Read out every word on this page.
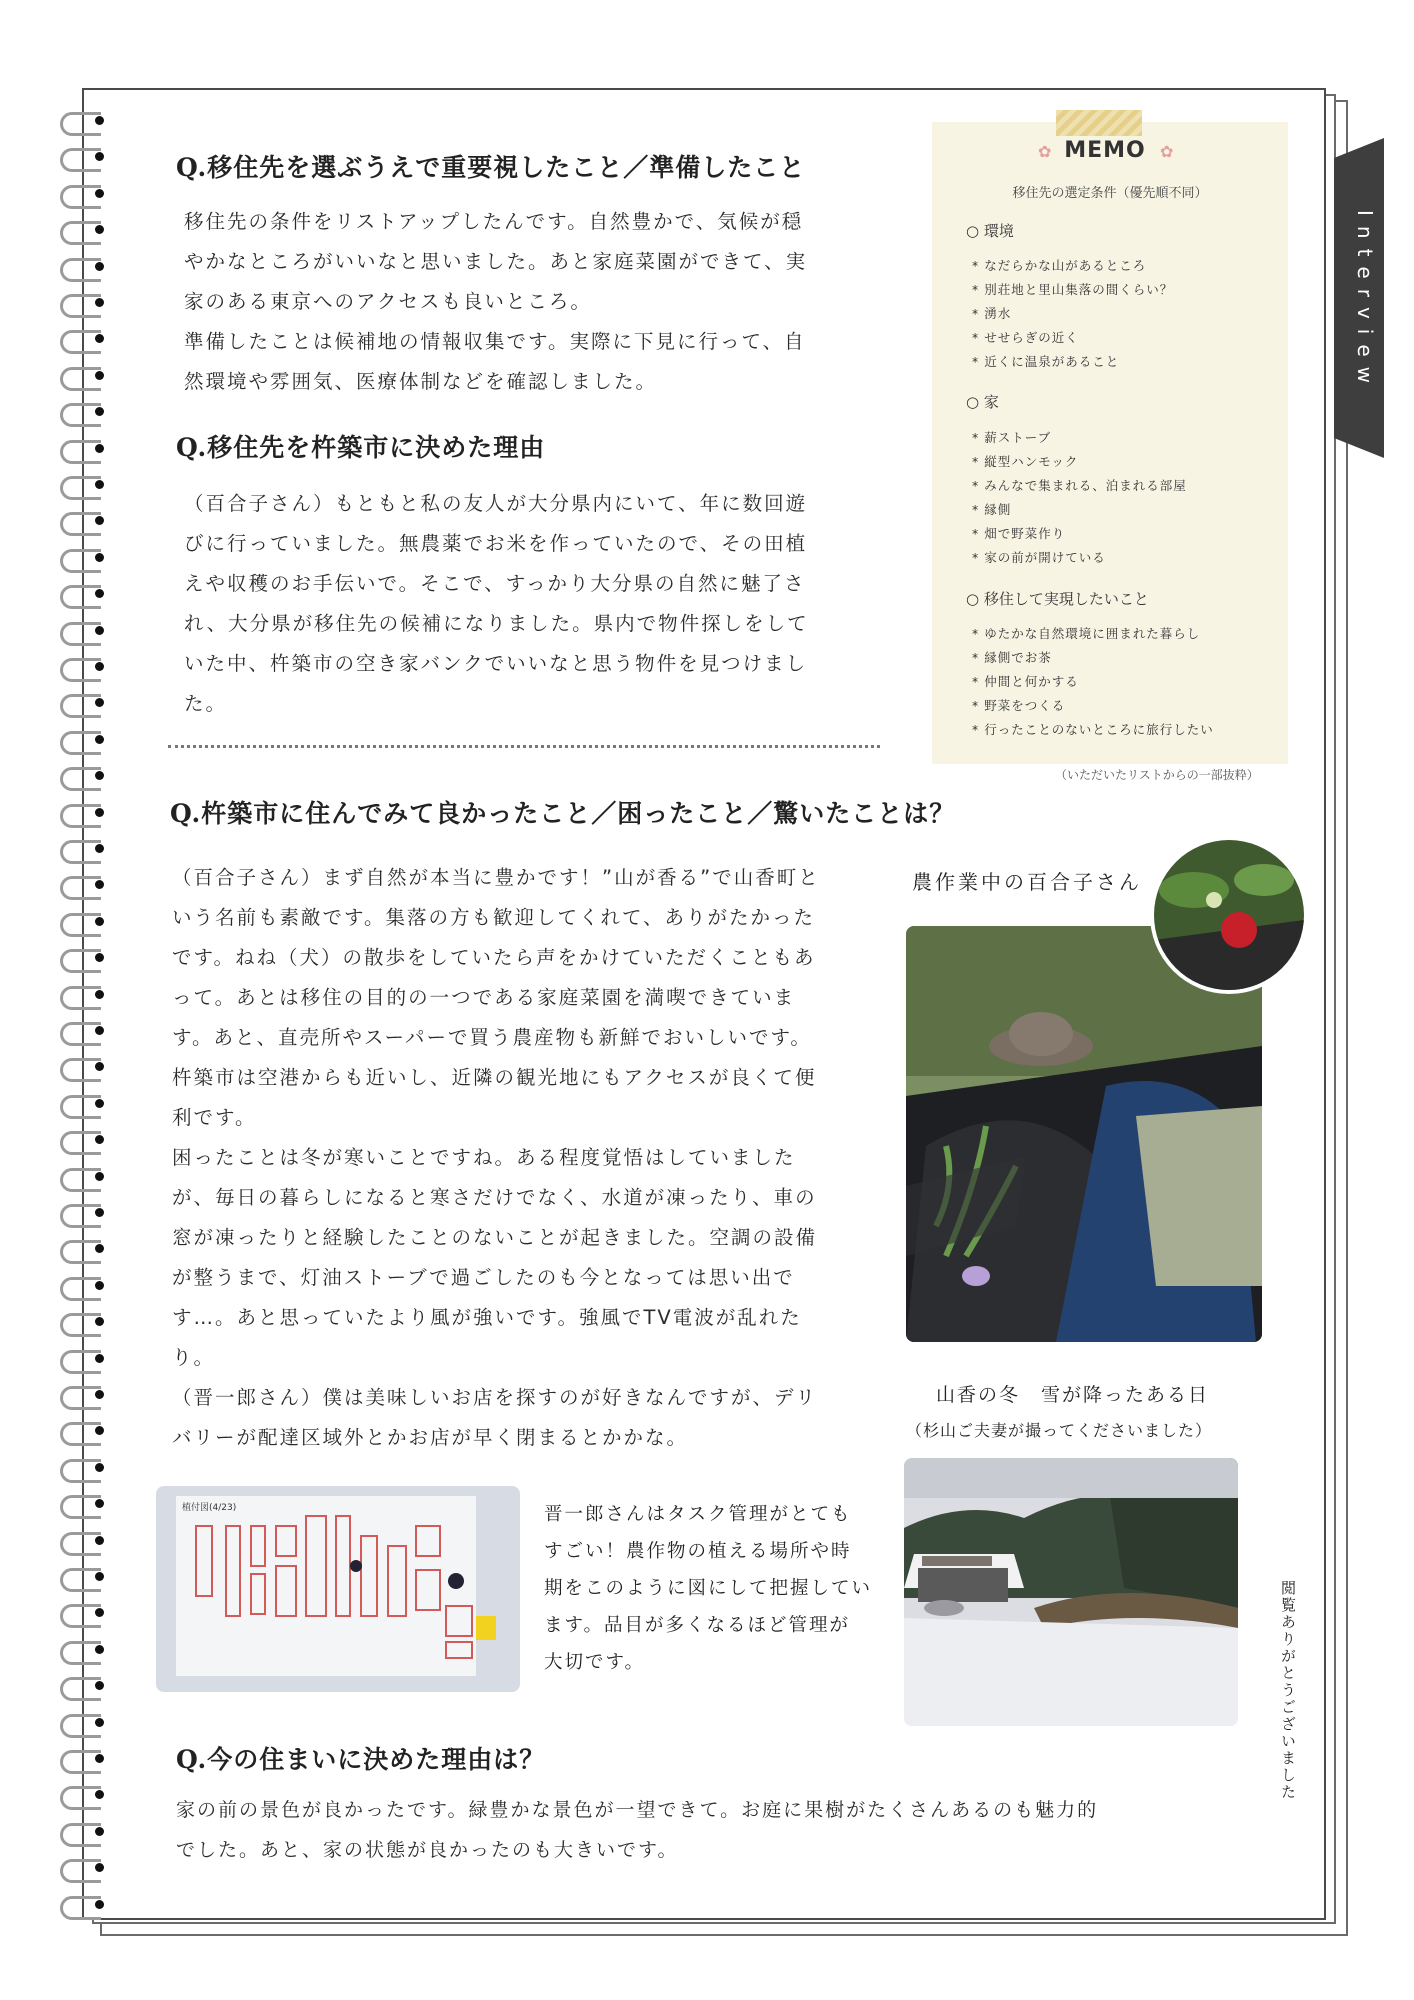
Interview
Q.移住先を選ぶうえで重要視したこと／準備したこと
移住先の条件をリストアップしたんです。自然豊かで、気候が穏
やかなところがいいなと思いました。あと家庭菜園ができて、実
家のある東京へのアクセスも良いところ。
準備したことは候補地の情報収集です。実際に下見に行って、自
然環境や雰囲気、医療体制などを確認しました。
Q.移住先を杵築市に決めた理由
（百合子さん）もともと私の友人が大分県内にいて、年に数回遊
びに行っていました。無農薬でお米を作っていたので、その田植
えや収穫のお手伝いで。そこで、すっかり大分県の自然に魅了さ
れ、大分県が移住先の候補になりました。県内で物件探しをして
いた中、杵築市の空き家バンクでいいなと思う物件を見つけまし
た。
✿ MEMO ✿
移住先の選定条件（優先順不同）
○ 環境
* なだらかな山があるところ
* 別荘地と里山集落の間くらい？
* 湧水
* せせらぎの近く
* 近くに温泉があること
○ 家
* 薪ストーブ
* 縦型ハンモック
* みんなで集まれる、泊まれる部屋
* 縁側
* 畑で野菜作り
* 家の前が開けている
○ 移住して実現したいこと
* ゆたかな自然環境に囲まれた暮らし
* 縁側でお茶
* 仲間と何かする
* 野菜をつくる
* 行ったことのないところに旅行したい
（いただいたリストからの一部抜粋）
Q.杵築市に住んでみて良かったこと／困ったこと／驚いたことは？
（百合子さん）まず自然が本当に豊かです！”山が香る”で山香町と
いう名前も素敵です。集落の方も歓迎してくれて、ありがたかった
です。ねね（犬）の散歩をしていたら声をかけていただくこともあ
って。あとは移住の目的の一つである家庭菜園を満喫できていま
す。あと、直売所やスーパーで買う農産物も新鮮でおいしいです。
杵築市は空港からも近いし、近隣の観光地にもアクセスが良くて便
利です。
困ったことは冬が寒いことですね。ある程度覚悟はしていました
が、毎日の暮らしになると寒さだけでなく、水道が凍ったり、車の
窓が凍ったりと経験したことのないことが起きました。空調の設備
が整うまで、灯油ストーブで過ごしたのも今となっては思い出で
す…。あと思っていたより風が強いです。強風でTV電波が乱れた
り。
（晋一郎さん）僕は美味しいお店を探すのが好きなんですが、デリ
バリーが配達区域外とかお店が早く閉まるとかかな。
農作業中の百合子さん
山香の冬　雪が降ったある日
（杉山ご夫妻が撮ってくださいました）
植付図(4/23)	晋一郎さんはタスク管理がとても
すごい！農作物の植える場所や時
期をこのように図にして把握してい
ます。品目が多くなるほど管理が
大切です。	閲覧ありがとうございました
Q.今の住まいに決めた理由は？
家の前の景色が良かったです。緑豊かな景色が一望できて。お庭に果樹がたくさんあるのも魅力的
でした。あと、家の状態が良かったのも大きいです。
